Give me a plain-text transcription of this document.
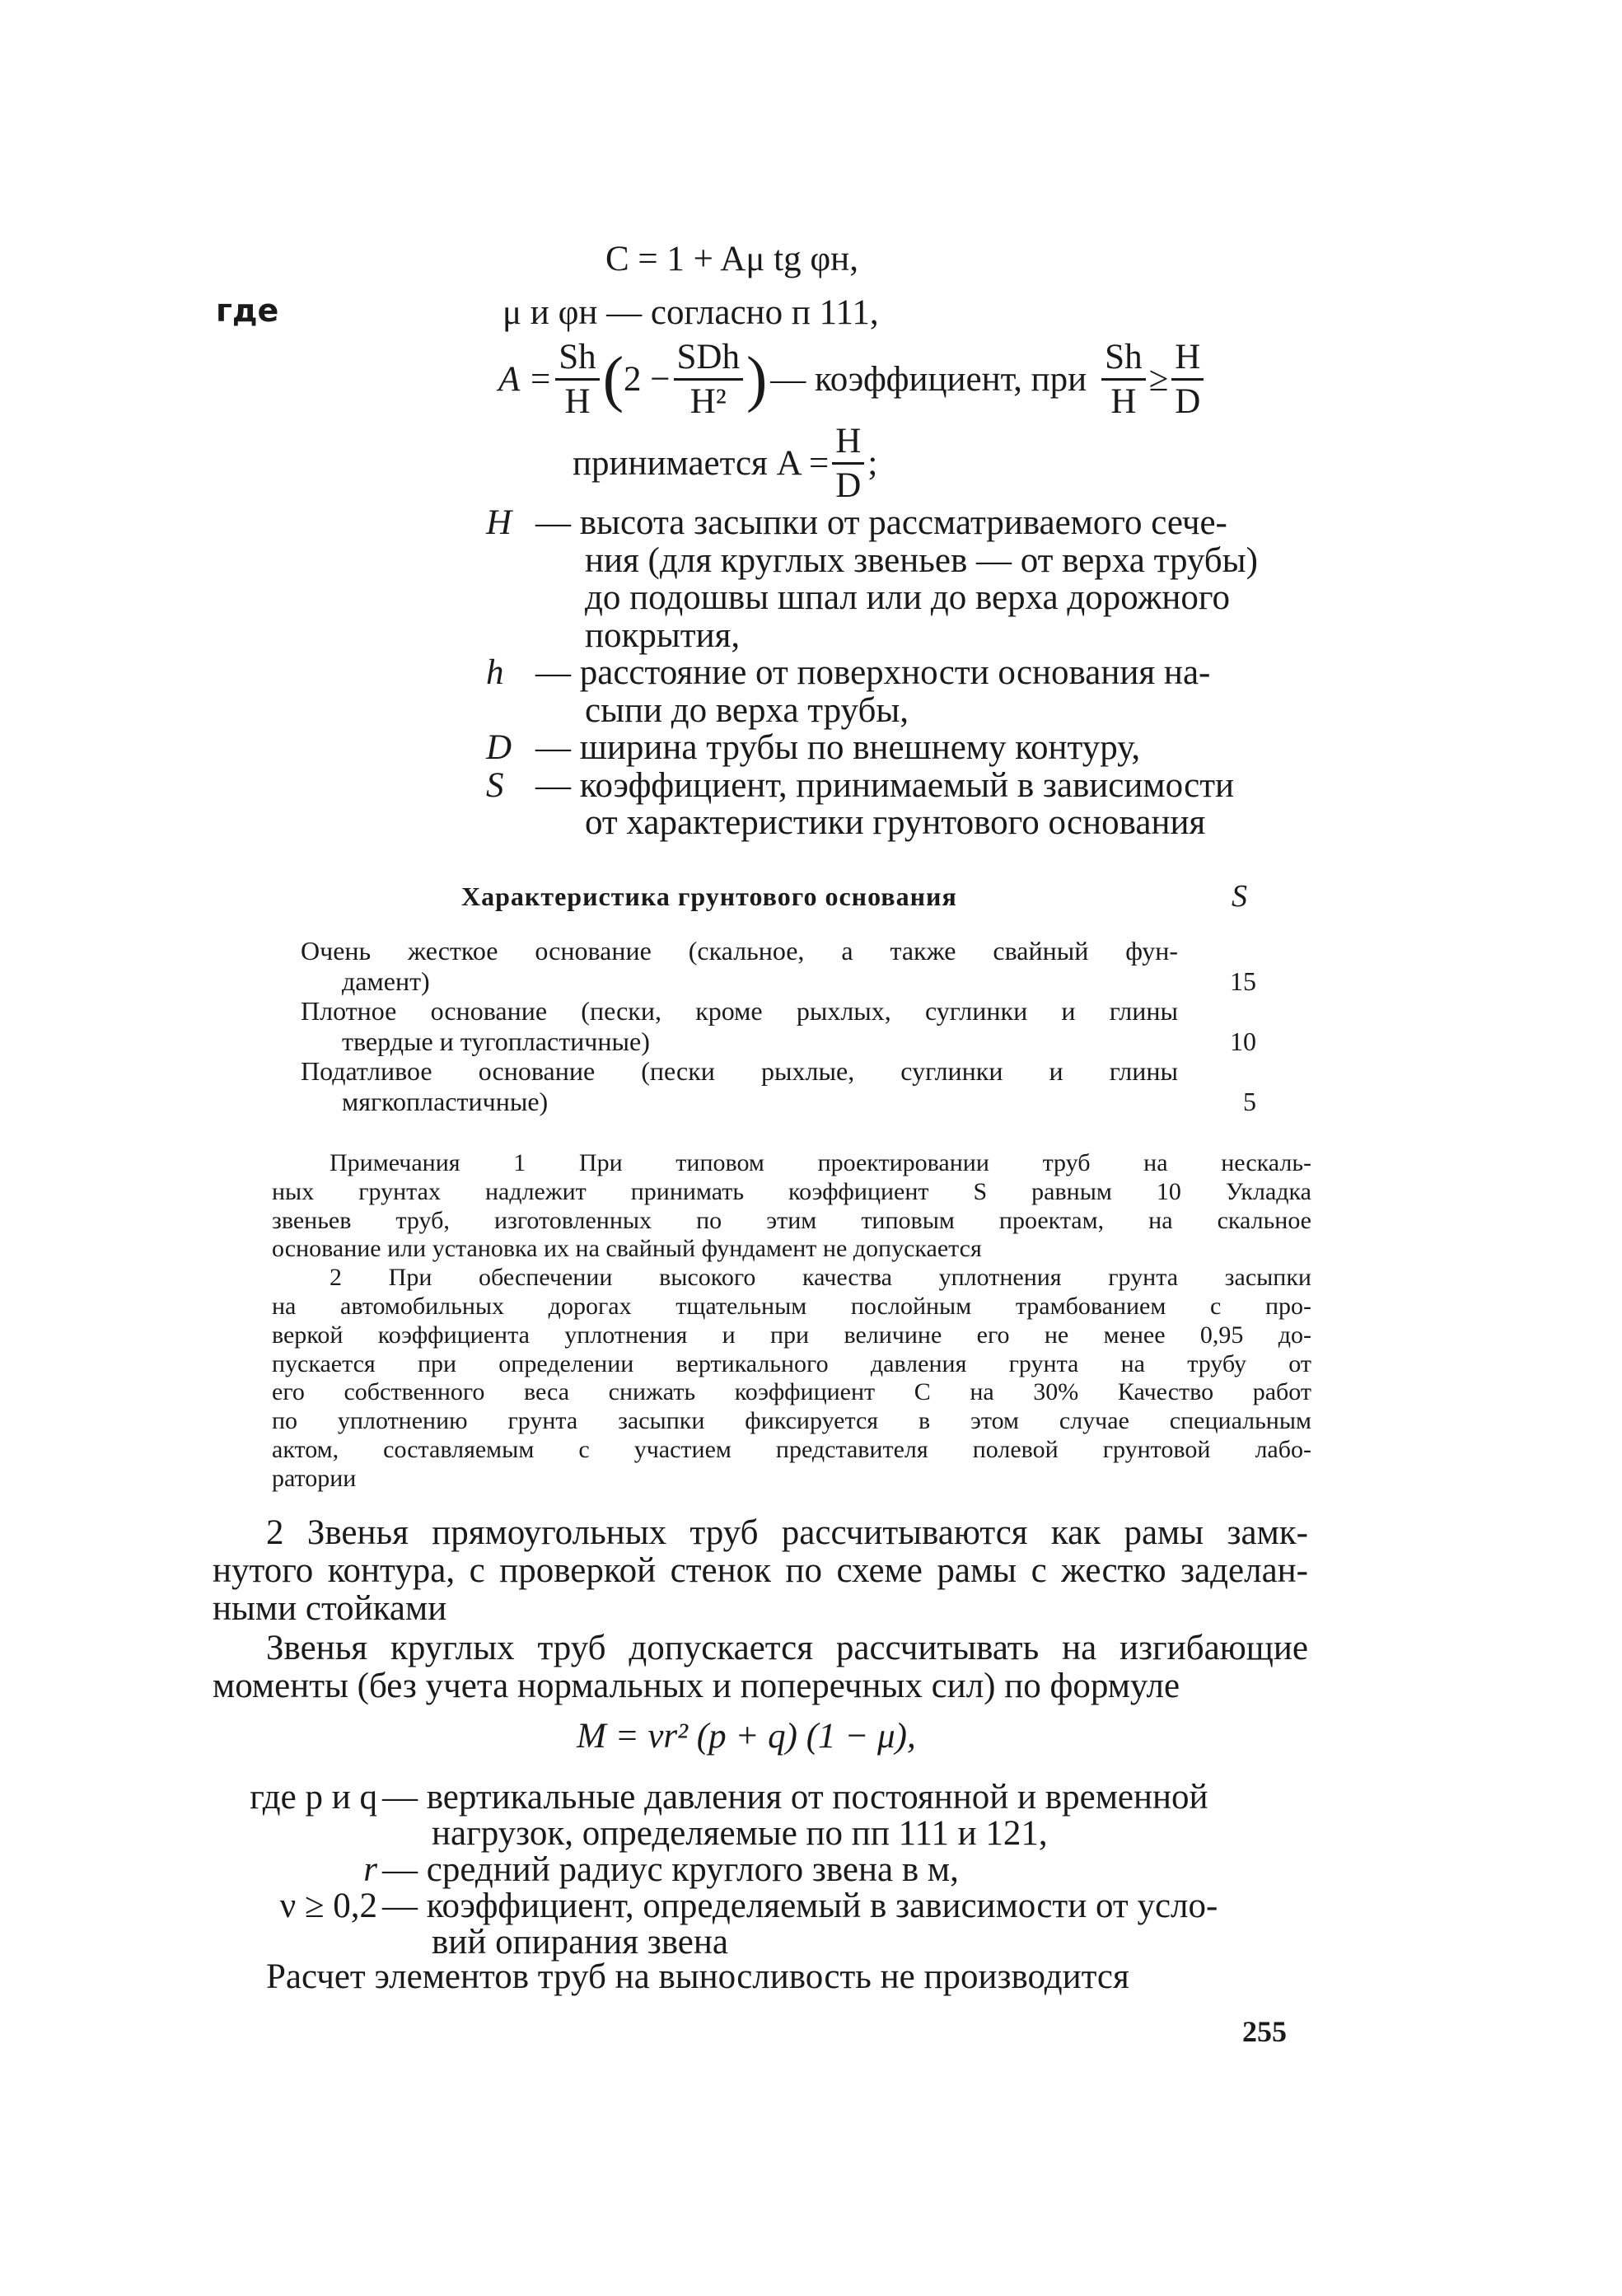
C = 1 + Aμ tg φн,
где	μ и φн — согласно п 111,
$A = \frac{Sh}{H}$ ( $2 - \frac{\text{SDh}}{\text{H²}}$ ) — коэффициент, при $\frac{Sh}{H} \ge \frac{H}{D}$
принимается $A = \frac{H}{D}$ ;
H — высота засыпки от рассматриваемого сече-
ния (для круглых звеньев — от верха трубы)
до подошвы шпал или до верха дорожного
покрытия,
h — расстояние от поверхности основания на-
сыпи до верха трубы,
D — ширина трубы по внешнему контуру,
S — коэффициент, принимаемый в зависимости
от характеристики грунтового основания
Характеристика грунтового основания	S
Очень жесткое основание (скальное, а также свайный фун-
дамент)	15
Плотное основание (пески, кроме рыхлых, суглинки и глины
твердые и тугопластичные)	10
Податливое основание (пески рыхлые, суглинки и глины
мягкопластичные)	5
Примечания 1 При типовом проектировании труб на нескаль-
ных грунтах надлежит принимать коэффициент S равным 10 Укладка
звеньев труб, изготовленных по этим типовым проектам, на скальное
основание или установка их на свайный фундамент не допускается
2 При обеспечении высокого качества уплотнения грунта засыпки
на автомобильных дорогах тщательным послойным трамбованием с про-
веркой коэффициента уплотнения и при величине его не менее 0,95 до-
пускается при определении вертикального давления грунта на трубу от
его собственного веса снижать коэффициент C на 30% Качество работ
по уплотнению грунта засыпки фиксируется в этом случае специальным
актом, составляемым с участием представителя полевой грунтовой лабо-
ратории
2 Звенья прямоугольных труб рассчитываются как рамы замк-
нутого контура, с проверкой стенок по схеме рамы с жестко заделан-
ными стойками
Звенья круглых труб допускается рассчитывать на изгибающие
моменты (без учета нормальных и поперечных сил) по формуле
M = νr² (p + q) (1 − μ),
где p и q — вертикальные давления от постоянной и временной
нагрузок, определяемые по пп 111 и 121,
r — средний радиус круглого звена в м,
ν ≥ 0,2 — коэффициент, определяемый в зависимости от усло-
вий опирания звена
Расчет элементов труб на выносливость не производится
255
